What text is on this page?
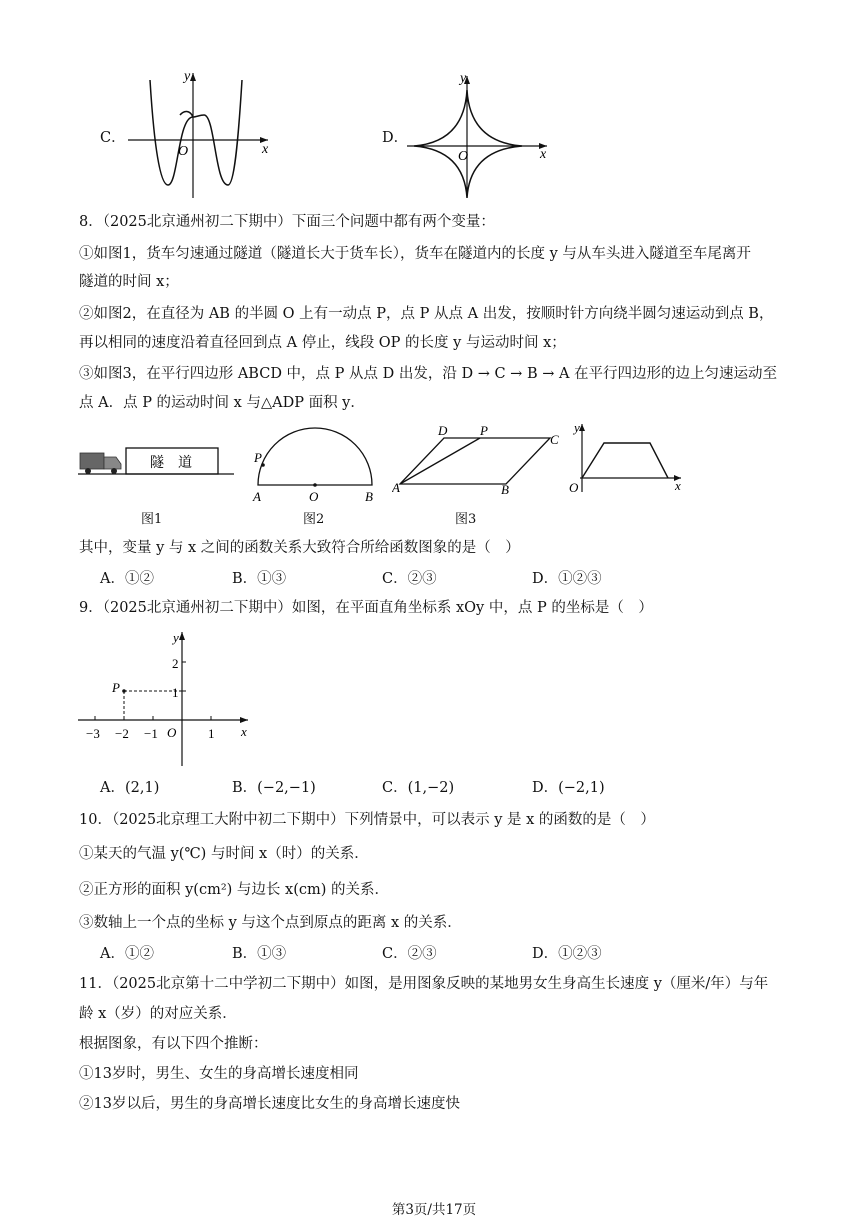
C．
y
x
O
D．
y
x
O
8．（2025北京通州初二下期中）下面三个问题中都有两个变量：
①如图1，货车匀速通过隧道（隧道长大于货车长），货车在隧道内的长度 y 与从车头进入隧道至车尾离开
隧道的时间 x；
②如图2，在直径为 AB 的半圆 O 上有一动点 P，点 P 从点 A 出发，按顺时针方向绕半圆匀速运动到点 B，
再以相同的速度沿着直径回到点 A 停止，线段 OP 的长度 y 与运动时间 x；
③如图3，在平行四边形 ABCD 中，点 P 从点 D 出发，沿 D → C → B → A 在平行四边形的边上匀速运动至
点 A．点 P 的运动时间 x 与△ADP 面积 y．
隧　道
图1
P
A	O	B
图2
D	P
C
A	B
图3
y
x
O
其中，变量 y 与 x 之间的函数关系大致符合所给函数图象的是（　）
A．①②	B．①③	C．②③	D．①②③
9．（2025北京通州初二下期中）如图，在平面直角坐标系 xOy 中，点 P 的坐标是（　）
y
x
O
−3 −2 −1	1
2
1
P
A．(2,1)	B．(−2,−1)	C．(1,−2)	D．(−2,1)
10．（2025北京理工大附中初二下期中）下列情景中，可以表示 y 是 x 的函数的是（　）
①某天的气温 y(℃) 与时间 x（时）的关系．
②正方形的面积 y(cm²) 与边长 x(cm) 的关系．
③数轴上一个点的坐标 y 与这个点到原点的距离 x 的关系．
A．①②	B．①③	C．②③	D．①②③
11．（2025北京第十二中学初二下期中）如图，是用图象反映的某地男女生身高生长速度 y（厘米/年）与年
龄 x（岁）的对应关系．
根据图象，有以下四个推断：
①13岁时，男生、女生的身高增长速度相同
②13岁以后，男生的身高增长速度比女生的身高增长速度快
第3页/共17页
